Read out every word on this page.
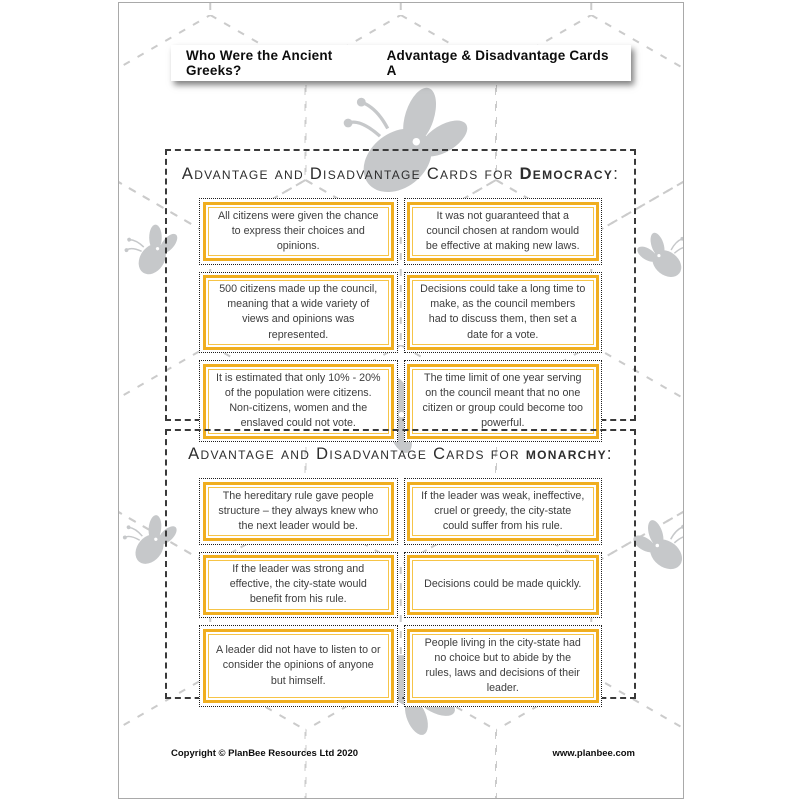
Who Were the Ancient Greeks?
Advantage & Disadvantage Cards A
Advantage and Disadvantage Cards for Democracy:
All citizens were given the chance to express their choices and opinions.
It was not guaranteed that a council chosen at random would be effective at making new laws.
500 citizens made up the council, meaning that a wide variety of views and opinions was represented.
Decisions could take a long time to make, as the council members had to discuss them, then set a date for a vote.
It is estimated that only 10% - 20% of the population were citizens. Non-citizens, women and the enslaved could not vote.
The time limit of one year serving on the council meant that no one citizen or group could become too powerful.
Advantage and Disadvantage Cards for monarchy:
The hereditary rule gave people structure – they always knew who the next leader would be.
If the leader was weak, ineffective, cruel or greedy, the city-state could suffer from his rule.
If the leader was strong and effective, the city-state would benefit from his rule.
Decisions could be made quickly.
A leader did not have to listen to or consider the opinions of anyone but himself.
People living in the city-state had no choice but to abide by the rules, laws and decisions of their leader.
Copyright © PlanBee Resources Ltd 2020	www.planbee.com
